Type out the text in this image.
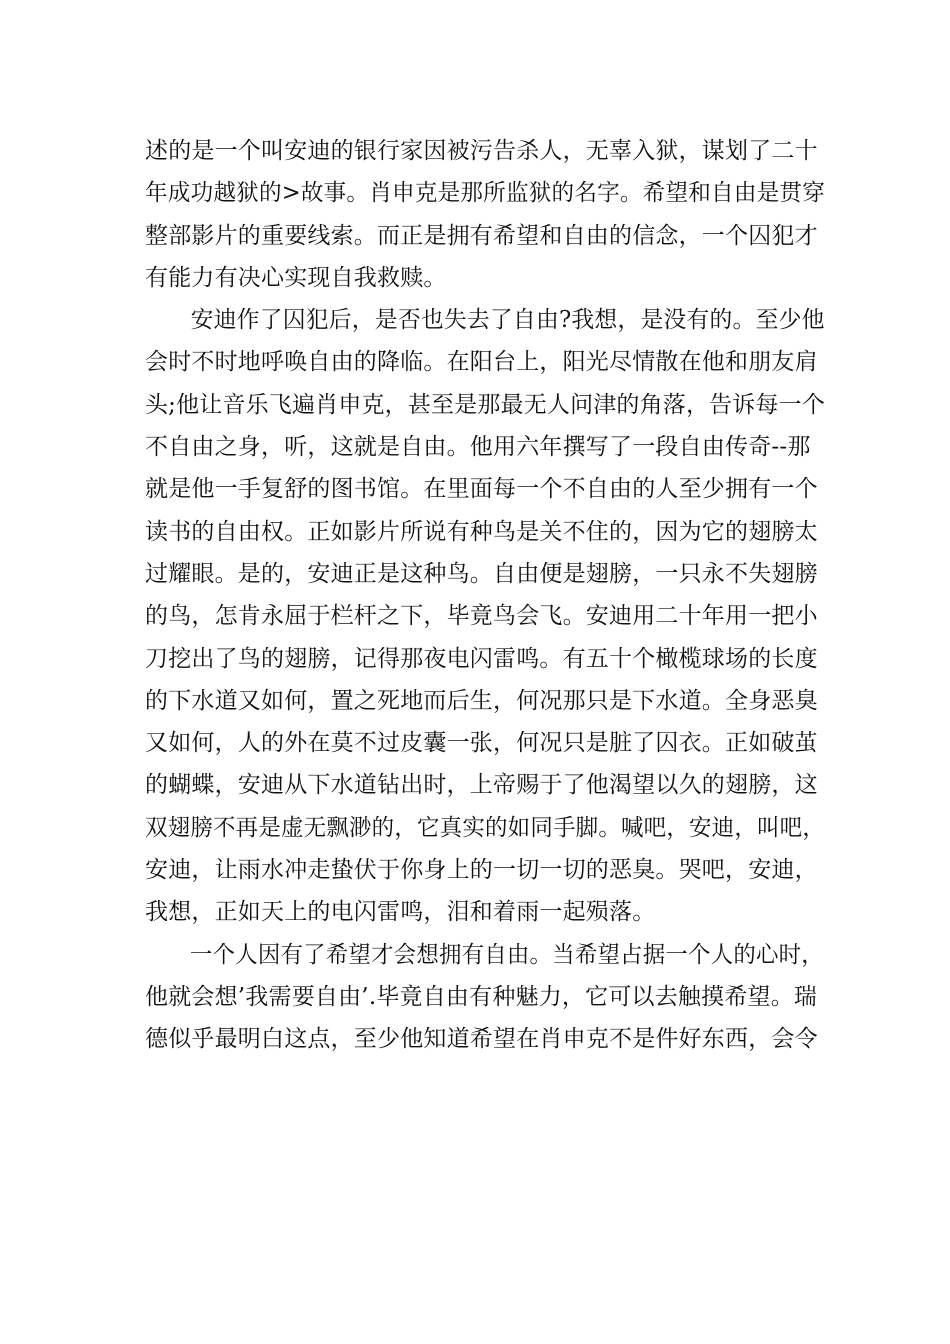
述的是一个叫安迪的银行家因被污告杀人，无辜入狱，谋划了二十
年成功越狱的>故事。肖申克是那所监狱的名字。希望和自由是贯穿
整部影片的重要线索。而正是拥有希望和自由的信念，一个囚犯才
有能力有决心实现自我救赎。
安迪作了囚犯后，是否也失去了自由?我想，是没有的。至少他
会时不时地呼唤自由的降临。在阳台上，阳光尽情散在他和朋友肩
头;他让音乐飞遍肖申克，甚至是那最无人问津的角落，告诉每一个
不自由之身，听，这就是自由。他用六年撰写了一段自由传奇--那
就是他一手复舒的图书馆。在里面每一个不自由的人至少拥有一个
读书的自由权。正如影片所说有种鸟是关不住的，因为它的翅膀太
过耀眼。是的，安迪正是这种鸟。自由便是翅膀，一只永不失翅膀
的鸟，怎肯永屈于栏杆之下，毕竟鸟会飞。安迪用二十年用一把小
刀挖出了鸟的翅膀，记得那夜电闪雷鸣。有五十个橄榄球场的长度
的下水道又如何，置之死地而后生，何况那只是下水道。全身恶臭
又如何，人的外在莫不过皮囊一张，何况只是脏了囚衣。正如破茧
的蝴蝶，安迪从下水道钻出时，上帝赐于了他渴望以久的翅膀，这
双翅膀不再是虚无飘渺的，它真实的如同手脚。喊吧，安迪，叫吧，
安迪，让雨水冲走蛰伏于你身上的一切一切的恶臭。哭吧，安迪，
我想，正如天上的电闪雷鸣，泪和着雨一起殒落。
一个人因有了希望才会想拥有自由。当希望占据一个人的心时，
他就会想’我需要自由’.毕竟自由有种魅力，它可以去触摸希望。瑞
德似乎最明白这点，至少他知道希望在肖申克不是件好东西，会令
